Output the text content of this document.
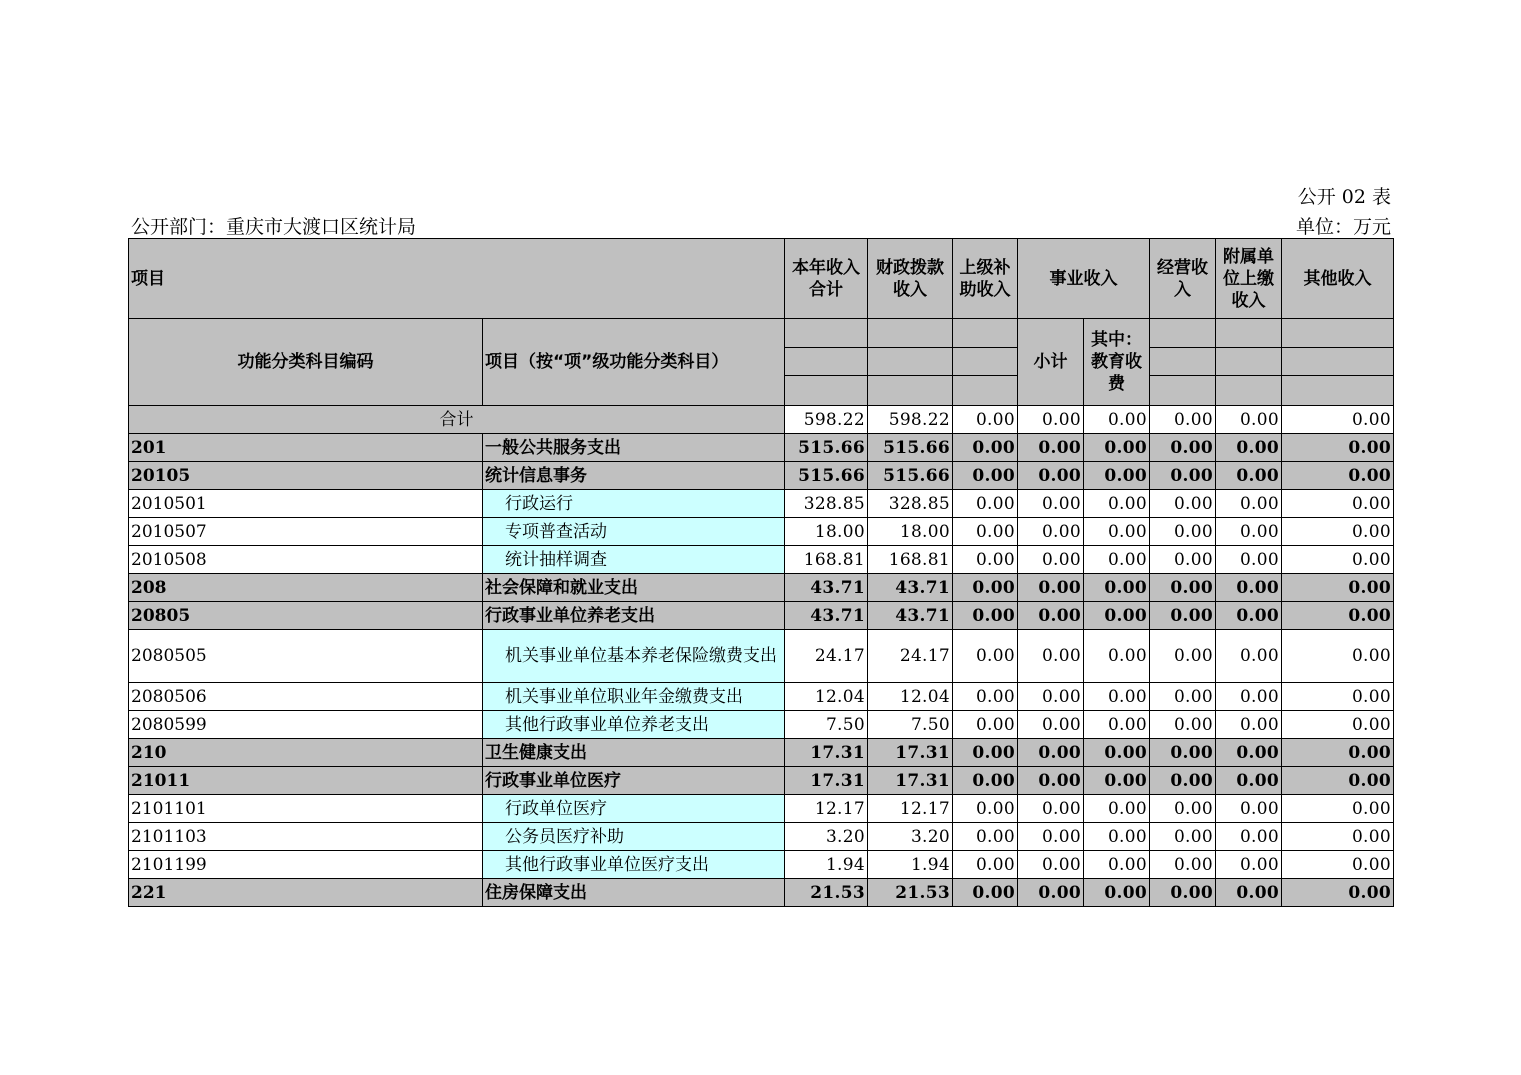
公开 02 表
公开部门：重庆市大渡口区统计局	单位：万元
项目		本年收入合计	财政拨款收入	上级补助收入	事业收入		经营收入	附属单位上缴收入	其他收入
功能分类科目编码	项目（按“项”级功能分类科目）				小计	其中：教育收费			

合计		598.22	598.22	0.00	0.00	0.00	0.00	0.00	0.00
201	一般公共服务支出	515.66	515.66	0.00	0.00	0.00	0.00	0.00	0.00
20105	统计信息事务	515.66	515.66	0.00	0.00	0.00	0.00	0.00	0.00
2010501	行政运行	328.85	328.85	0.00	0.00	0.00	0.00	0.00	0.00
2010507	专项普查活动	18.00	18.00	0.00	0.00	0.00	0.00	0.00	0.00
2010508	统计抽样调查	168.81	168.81	0.00	0.00	0.00	0.00	0.00	0.00
208	社会保障和就业支出	43.71	43.71	0.00	0.00	0.00	0.00	0.00	0.00
20805	行政事业单位养老支出	43.71	43.71	0.00	0.00	0.00	0.00	0.00	0.00
2080505	机关事业单位基本养老保险缴费支出	24.17	24.17	0.00	0.00	0.00	0.00	0.00	0.00
2080506	机关事业单位职业年金缴费支出	12.04	12.04	0.00	0.00	0.00	0.00	0.00	0.00
2080599	其他行政事业单位养老支出	7.50	7.50	0.00	0.00	0.00	0.00	0.00	0.00
210	卫生健康支出	17.31	17.31	0.00	0.00	0.00	0.00	0.00	0.00
21011	行政事业单位医疗	17.31	17.31	0.00	0.00	0.00	0.00	0.00	0.00
2101101	行政单位医疗	12.17	12.17	0.00	0.00	0.00	0.00	0.00	0.00
2101103	公务员医疗补助	3.20	3.20	0.00	0.00	0.00	0.00	0.00	0.00
2101199	其他行政事业单位医疗支出	1.94	1.94	0.00	0.00	0.00	0.00	0.00	0.00
221	住房保障支出	21.53	21.53	0.00	0.00	0.00	0.00	0.00	0.00
